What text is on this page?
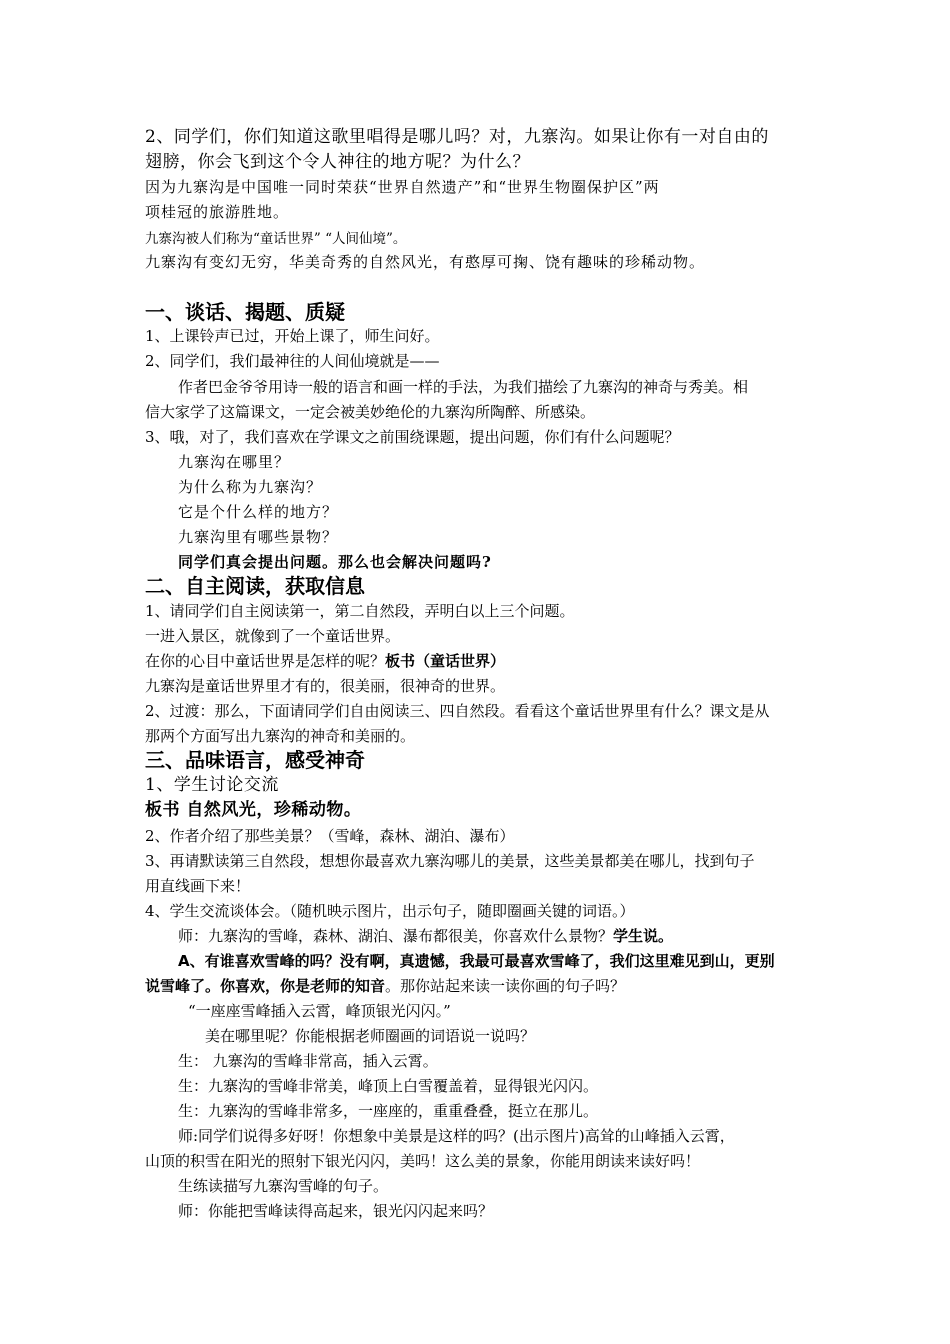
2、同学们，你们知道这歌里唱得是哪儿吗？对，九寨沟。如果让你有一对自由的
翅膀，你会飞到这个令人神往的地方呢？为什么？
因为九寨沟是中国唯一同时荣获“世界自然遗产”和“世界生物圈保护区”两
项桂冠的旅游胜地。
九寨沟被人们称为“童话世界” “人间仙境”。
九寨沟有变幻无穷，华美奇秀的自然风光，有憨厚可掬、饶有趣味的珍稀动物。
一、谈话、揭题、质疑
1、上课铃声已过，开始上课了，师生问好。
2、同学们，我们最神往的人间仙境就是——
作者巴金爷爷用诗一般的语言和画一样的手法，为我们描绘了九寨沟的神奇与秀美。相
信大家学了这篇课文，一定会被美妙绝伦的九寨沟所陶醉、所感染。
3、哦，对了，我们喜欢在学课文之前围绕课题，提出问题，你们有什么问题呢？
九寨沟在哪里？
为什么称为九寨沟？
它是个什么样的地方？
九寨沟里有哪些景物？
同学们真会提出问题。那么也会解决问题吗?
二、自主阅读，获取信息
1、请同学们自主阅读第一，第二自然段，弄明白以上三个问题。
一进入景区，就像到了一个童话世界。
在你的心目中童话世界是怎样的呢？板书（童话世界）
九寨沟是童话世界里才有的，很美丽，很神奇的世界。
2、过渡：那么，下面请同学们自由阅读三、四自然段。看看这个童话世界里有什么？课文是从
那两个方面写出九寨沟的神奇和美丽的。
三、品味语言，感受神奇
1、学生讨论交流
板书 自然风光，珍稀动物。
2、作者介绍了那些美景？（雪峰，森林、湖泊、瀑布）
3、再请默读第三自然段，想想你最喜欢九寨沟哪儿的美景，这些美景都美在哪儿，找到句子
用直线画下来！
4、学生交流谈体会。（随机映示图片，出示句子，随即圈画关键的词语。）
师：九寨沟的雪峰，森林、湖泊、瀑布都很美，你喜欢什么景物？学生说。
A、有谁喜欢雪峰的吗？没有啊，真遗憾，我最可最喜欢雪峰了，我们这里难见到山，更别
说雪峰了。你喜欢，你是老师的知音。那你站起来读一读你画的句子吗？
“一座座雪峰插入云霄，峰顶银光闪闪。”
美在哪里呢？你能根据老师圈画的词语说一说吗？
生： 九寨沟的雪峰非常高，插入云霄。
生：九寨沟的雪峰非常美，峰顶上白雪覆盖着，显得银光闪闪。
生：九寨沟的雪峰非常多，一座座的，重重叠叠，挺立在那儿。
师:同学们说得多好呀！你想象中美景是这样的吗？(出示图片)高耸的山峰插入云霄，
山顶的积雪在阳光的照射下银光闪闪，美吗！这么美的景象，你能用朗读来读好吗！
生练读描写九寨沟雪峰的句子。
师：你能把雪峰读得高起来，银光闪闪起来吗？
